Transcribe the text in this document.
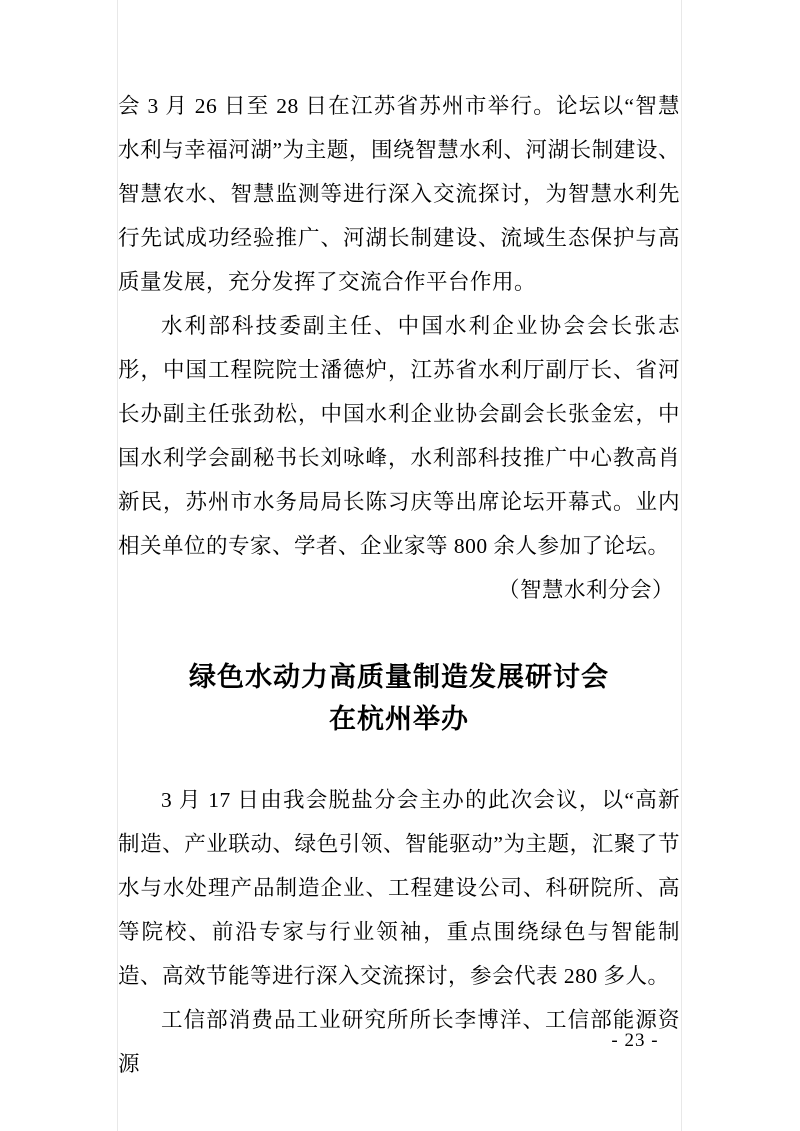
会 3 月 26 日至 28 日在江苏省苏州市举行。论坛以“智慧水利与幸福河湖”为主题，围绕智慧水利、河湖长制建设、智慧农水、智慧监测等进行深入交流探讨，为智慧水利先行先试成功经验推广、河湖长制建设、流域生态保护与高质量发展，充分发挥了交流合作平台作用。

水利部科技委副主任、中国水利企业协会会长张志彤，中国工程院院士潘德炉，江苏省水利厅副厅长、省河长办副主任张劲松，中国水利企业协会副会长张金宏，中国水利学会副秘书长刘咏峰，水利部科技推广中心教高肖新民，苏州市水务局局长陈习庆等出席论坛开幕式。业内相关单位的专家、学者、企业家等 800 余人参加了论坛。

（智慧水利分会）

绿色水动力高质量制造发展研讨会
在杭州举办

3 月 17 日由我会脱盐分会主办的此次会议，以“高新制造、产业联动、绿色引领、智能驱动”为主题，汇聚了节水与水处理产品制造企业、工程建设公司、科研院所、高等院校、前沿专家与行业领袖，重点围绕绿色与智能制造、高效节能等进行深入交流探讨，参会代表 280 多人。

工信部消费品工业研究所所长李博洋、工信部能源资源

- 23 -
